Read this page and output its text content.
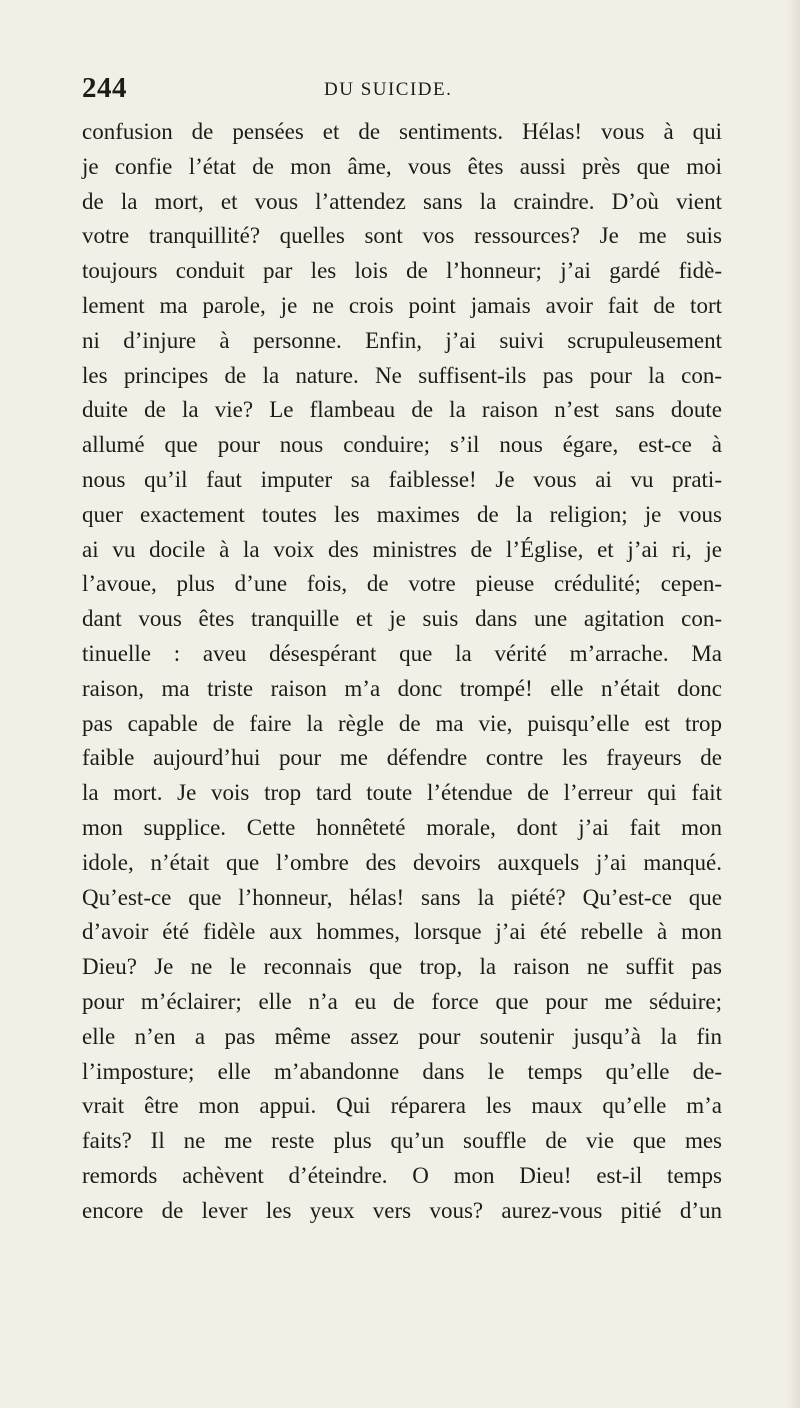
244	DU SUICIDE.
confusion de pensées et de sentiments. Hélas! vous à qui
je confie l’état de mon âme, vous êtes aussi près que moi
de la mort, et vous l’attendez sans la craindre. D’où vient
votre tranquillité? quelles sont vos ressources? Je me suis
toujours conduit par les lois de l’honneur; j’ai gardé fidè-
lement ma parole, je ne crois point jamais avoir fait de tort
ni d’injure à personne. Enfin, j’ai suivi scrupuleusement
les principes de la nature. Ne suffisent-ils pas pour la con-
duite de la vie? Le flambeau de la raison n’est sans doute
allumé que pour nous conduire; s’il nous égare, est-ce à
nous qu’il faut imputer sa faiblesse! Je vous ai vu prati-
quer exactement toutes les maximes de la religion; je vous
ai vu docile à la voix des ministres de l’Église, et j’ai ri, je
l’avoue, plus d’une fois, de votre pieuse crédulité; cepen-
dant vous êtes tranquille et je suis dans une agitation con-
tinuelle : aveu désespérant que la vérité m’arrache. Ma
raison, ma triste raison m’a donc trompé! elle n’était donc
pas capable de faire la règle de ma vie, puisqu’elle est trop
faible aujourd’hui pour me défendre contre les frayeurs de
la mort. Je vois trop tard toute l’étendue de l’erreur qui fait
mon supplice. Cette honnêteté morale, dont j’ai fait mon
idole, n’était que l’ombre des devoirs auxquels j’ai manqué.
Qu’est-ce que l’honneur, hélas! sans la piété? Qu’est-ce que
d’avoir été fidèle aux hommes, lorsque j’ai été rebelle à mon
Dieu? Je ne le reconnais que trop, la raison ne suffit pas
pour m’éclairer; elle n’a eu de force que pour me séduire;
elle n’en a pas même assez pour soutenir jusqu’à la fin
l’imposture; elle m’abandonne dans le temps qu’elle de-
vrait être mon appui. Qui réparera les maux qu’elle m’a
faits? Il ne me reste plus qu’un souffle de vie que mes
remords achèvent d’éteindre. O mon Dieu! est-il temps
encore de lever les yeux vers vous? aurez-vous pitié d’un
